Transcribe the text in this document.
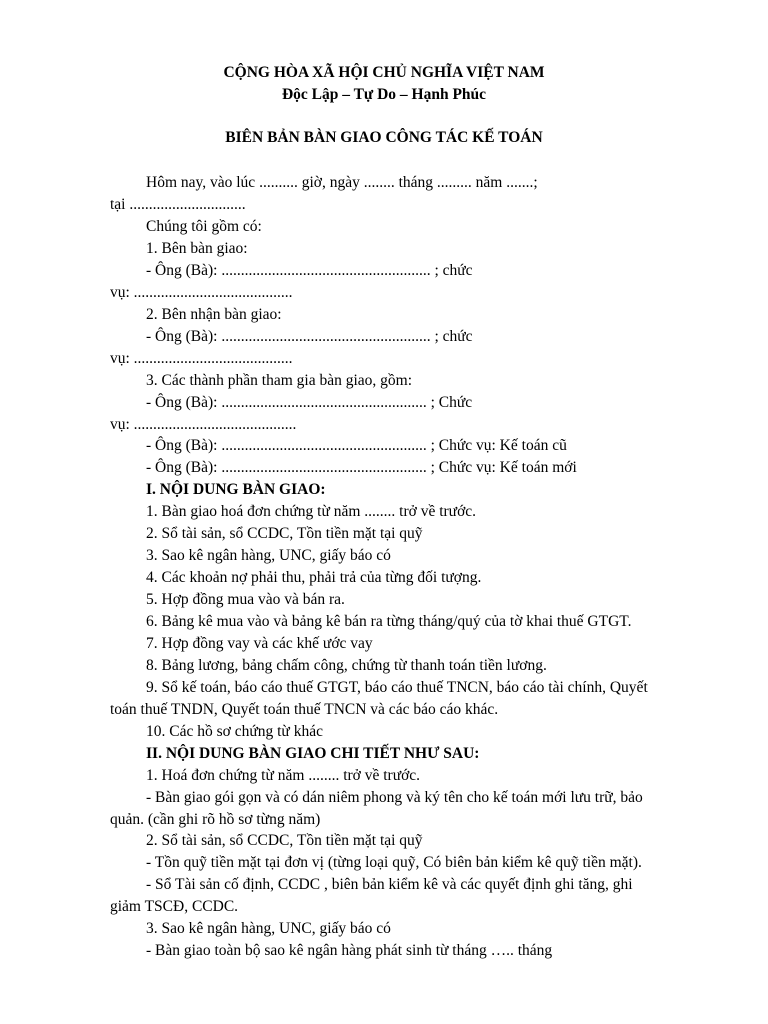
CỘNG HÒA XÃ HỘI CHỦ NGHĨA VIỆT NAM
Độc Lập – Tự Do – Hạnh Phúc
BIÊN BẢN BÀN GIAO CÔNG TÁC KẾ TOÁN
Hôm nay, vào lúc .......... giờ, ngày ........ tháng ......... năm .......;
tại ..............................
Chúng tôi gồm có:
1. Bên bàn giao:
- Ông (Bà): ...................................................... ; chức
vụ: .........................................
2. Bên nhận bàn giao:
- Ông (Bà): ...................................................... ; chức
vụ: .........................................
3. Các thành phần tham gia bàn giao, gồm:
- Ông (Bà): ..................................................... ; Chức
vụ: ..........................................
- Ông (Bà): ..................................................... ; Chức vụ: Kế toán cũ
- Ông (Bà): ..................................................... ; Chức vụ: Kế toán mới
I. NỘI DUNG BÀN GIAO:
1. Bàn giao hoá đơn chứng từ năm ........ trở về trước.
2. Sổ tài sản, sổ CCDC, Tồn tiền mặt tại quỹ
3. Sao kê ngân hàng, UNC, giấy báo có
4. Các khoản nợ phải thu, phải trả của từng đối tượng.
5. Hợp đồng mua vào và bán ra.
6. Bảng kê mua vào và bảng kê bán ra từng tháng/quý của tờ khai thuế GTGT.
7. Hợp đồng vay và các khế ước vay
8. Bảng lương, bảng chấm công, chứng từ thanh toán tiền lương.
9. Sổ kế toán, báo cáo thuế GTGT, báo cáo thuế TNCN, báo cáo tài chính, Quyết
toán thuế TNDN, Quyết toán thuế TNCN và các báo cáo khác.
10. Các hồ sơ chứng từ khác
II. NỘI DUNG BÀN GIAO CHI TIẾT NHƯ SAU:
1. Hoá đơn chứng từ năm ........ trở về trước.
- Bàn giao gói gọn và có dán niêm phong và ký tên cho kế toán mới lưu trữ, bảo
quản. (cần ghi rõ hồ sơ từng năm)
2. Sổ tài sản, sổ CCDC, Tồn tiền mặt tại quỹ
- Tồn quỹ tiền mặt tại đơn vị (từng loại quỹ, Có biên bản kiểm kê quỹ tiền mặt).
- Sổ Tài sản cố định, CCDC , biên bản kiểm kê và các quyết định ghi tăng, ghi
giảm TSCĐ, CCDC.
3. Sao kê ngân hàng, UNC, giấy báo có
- Bàn giao toàn bộ sao kê ngân hàng phát sinh từ tháng ….. tháng
